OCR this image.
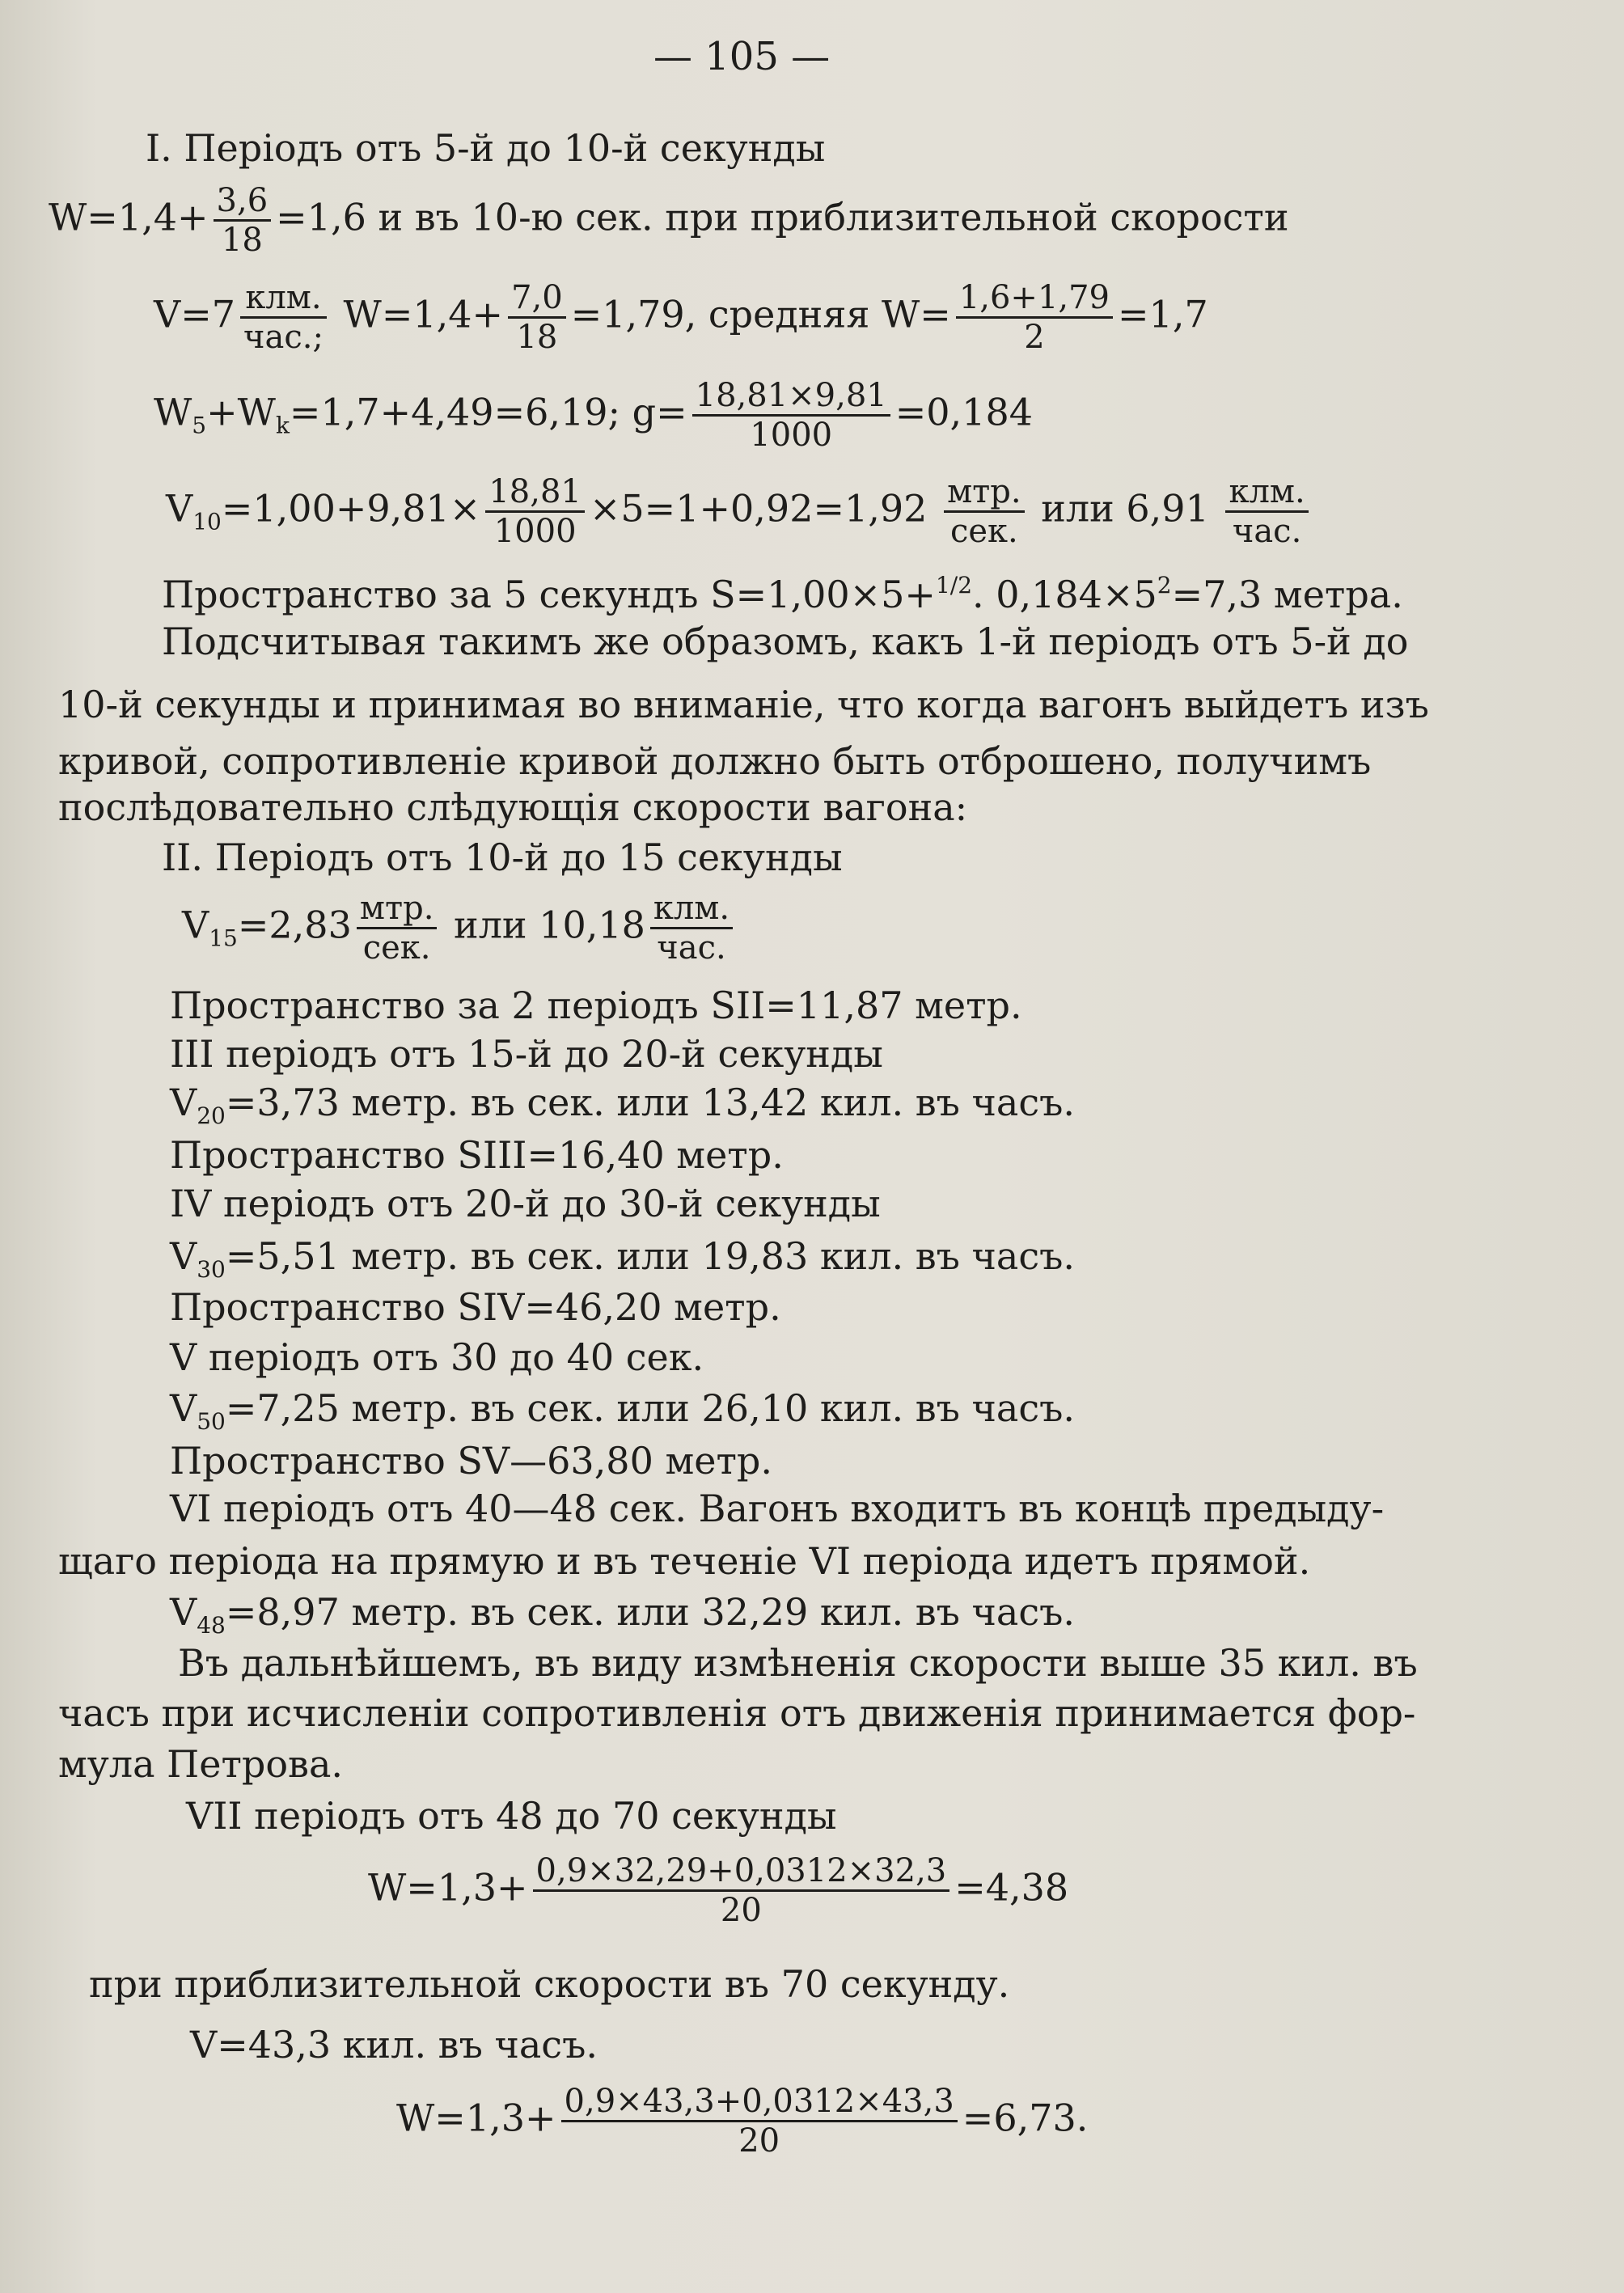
— 105 —
I. Періодъ отъ 5-й до 10-й секунды
$W=1,4+ \frac{3,6}{18} =1,6$ и въ 10-ю сек. при приблизительной скорости
$V=7 \frac{\text{клм.}}{\text{час.;}} W=1,4+ \frac{7,0}{18} =1,79$, средняя $W= \frac{1,6+1,79}{2} =1,7$
$W_5+W_k=1,7+4,49=6,19$; $g= \frac{18,81\times 9,81}{1000} =0,184$
$V_{10}=1,00+9,81\times \frac{18,81}{1000} \times 5=1+0,92=1,92 \frac{\text{мтр.}}{\text{сек.}}$ или $6,91 \frac{\text{клм.}}{\text{час.}}$
Пространство за 5 секундъ S=1,00×5+$^{1/2}$. $0,184\times 5^2=7,3$ метра.
Подсчитывая такимъ же образомъ, какъ 1-й періодъ отъ 5-й до
10-й секунды и принимая во вниманіе, что когда вагонъ выйдетъ изъ
кривой, сопротивленіе кривой должно быть отброшено, получимъ
послѣдовательно слѣдующія скорости вагона:
II. Періодъ отъ 10-й до 15 секунды
$V_{15}=2,83 \frac{\text{мтр.}}{\text{сек.}}$ или $10,18 \frac{\text{клм.}}{\text{час.}}$
Пространство за 2 періодъ SII=11,87 метр.
III періодъ отъ 15-й до 20-й секунды
$V_{20}=3,73$ метр. въ сек. или 13,42 кил. въ часъ.
Пространство SIII=16,40 метр.
IV періодъ отъ 20-й до 30-й секунды
$V_{30}=5,51$ метр. въ сек. или 19,83 кил. въ часъ.
Пространство SIV=46,20 метр.
V періодъ отъ 30 до 40 сек.
$V_{50}=7,25$ метр. въ сек. или 26,10 кил. въ часъ.
Пространство SV—63,80 метр.
VI періодъ отъ 40—48 сек. Вагонъ входитъ въ концѣ предыду-
щаго періода на прямую и въ теченіе VI періода идетъ прямой.
$V_{48}=8,97$ метр. въ сек. или 32,29 кил. въ часъ.
Въ дальнѣйшемъ, въ виду измѣненія скорости выше 35 кил. въ
часъ при исчисленіи сопротивленія отъ движенія принимается фор-
мула Петрова.
VII періодъ отъ 48 до 70 секунды
$W=1,3+ \frac{0,9\times 32,29+0,0312\times 32,3}{20} =4,38$
при приблизительной скорости въ 70 секунду.
V=43,3 кил. въ часъ.
$W=1,3+ \frac{0,9\times 43,3+0,0312\times 43,3}{20} =6,73$.
